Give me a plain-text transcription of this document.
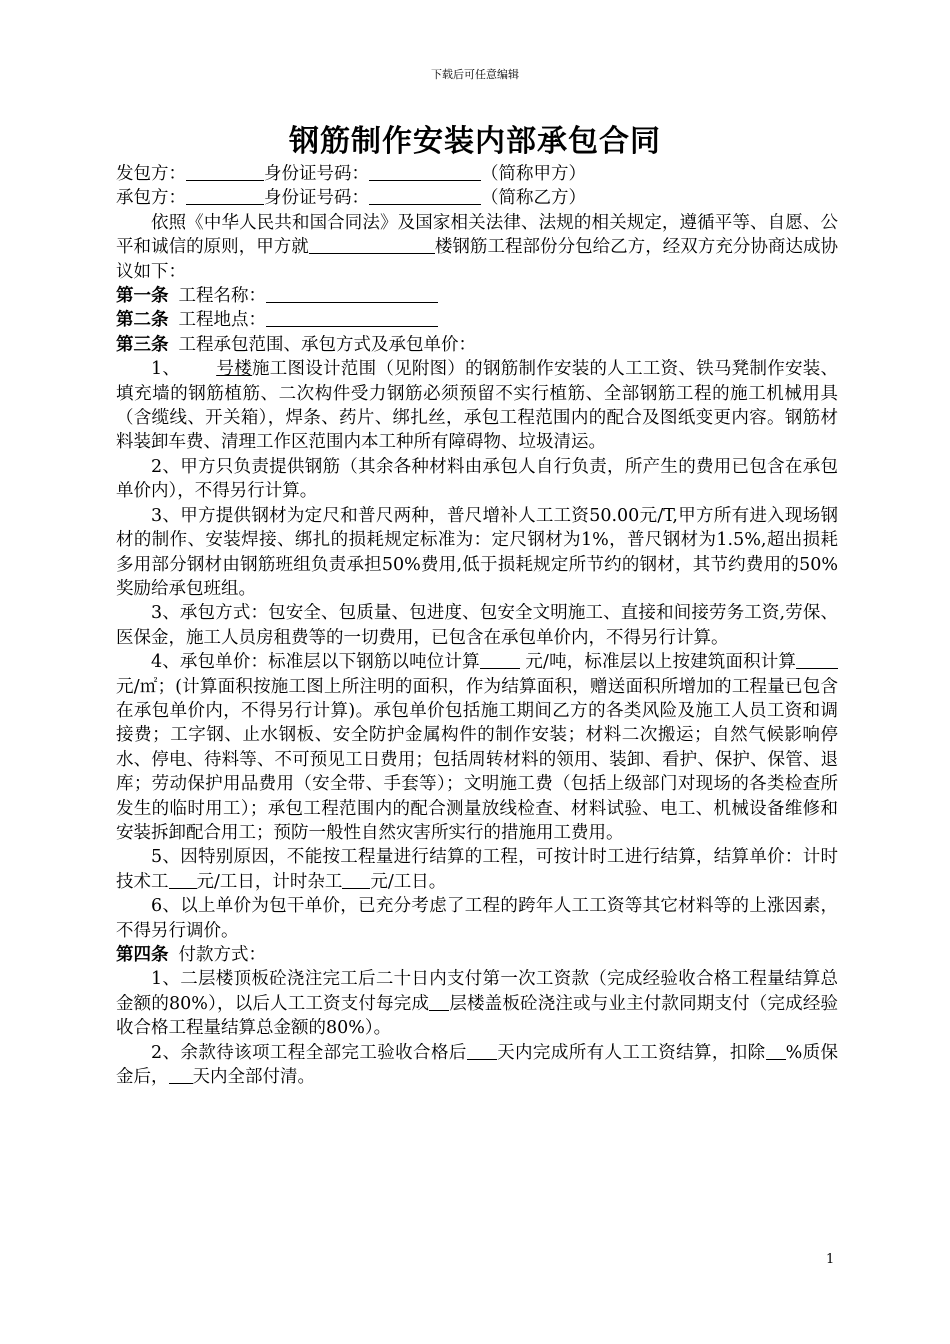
下载后可任意编辑
钢筋制作安装内部承包合同

发包方：	身份证号码：	（简称甲方）

承包方：	身份证号码：	（简称乙方）

依照《中华人民共和国合同法》及国家相关法律、法规的相关规定，遵循平等、自愿、公平和诚信的原则，甲方就	楼钢筋工程部份分包给乙方，经双方充分协商达成协议如下：

第一条 工程名称：

第二条 工程地点：

第三条 工程承包范围、承包方式及承包单价：

1、 号楼施工图设计范围（见附图）的钢筋制作安装的人工工资、铁马凳制作安装、填充墙的钢筋植筋、二次构件受力钢筋必须预留不实行植筋、全部钢筋工程的施工机械用具（含缆线、开关箱），焊条、药片、绑扎丝，承包工程范围内的配合及图纸变更内容。钢筋材料装卸车费、清理工作区范围内本工种所有障碍物、垃圾清运。

2、甲方只负责提供钢筋（其余各种材料由承包人自行负责，所产生的费用已包含在承包单价内），不得另行计算。

3、甲方提供钢材为定尺和普尺两种，普尺增补人工工资50.00元/T,甲方所有进入现场钢材的制作、安装焊接、绑扎的损耗规定标准为：定尺钢材为1%，普尺钢材为1.5%,超出损耗多用部分钢材由钢筋班组负责承担50%费用,低于损耗规定所节约的钢材，其节约费用的50%奖励给承包班组。

3、承包方式：包安全、包质量、包进度、包安全文明施工、直接和间接劳务工资,劳保、医保金，施工人员房租费等的一切费用，已包含在承包单价内，不得另行计算。

4、承包单价：标准层以下钢筋以吨位计算 元/吨，标准层以上按建筑面积计算 元/㎡；(计算面积按施工图上所注明的面积，作为结算面积，赠送面积所增加的工程量已包含在承包单价内，不得另行计算)。承包单价包括施工期间乙方的各类风险及施工人员工资和调接费；工字钢、止水钢板、安全防护金属构件的制作安装；材料二次搬运；自然气候影响停水、停电、待料等、不可预见工日费用；包括周转材料的领用、装卸、看护、保护、保管、退库；劳动保护用品费用（安全带、手套等）；文明施工费（包括上级部门对现场的各类检查所发生的临时用工）；承包工程范围内的配合测量放线检查、材料试验、电工、机械设备维修和安装拆卸配合用工；预防一般性自然灾害所实行的措施用工费用。

5、因特别原因，不能按工程量进行结算的工程，可按计时工进行结算，结算单价：计时技术工 元/工日，计时杂工 元/工日。

6、以上单价为包干单价，已充分考虑了工程的跨年人工工资等其它材料等的上涨因素，不得另行调价。

第四条 付款方式：

1、二层楼顶板砼浇注完工后二十日内支付第一次工资款（完成经验收合格工程量结算总金额的80%），以后人工工资支付每完成 层楼盖板砼浇注或与业主付款同期支付（完成经验收合格工程量结算总金额的80%）。

2、余款待该项工程全部完工验收合格后 天内完成所有人工工资结算，扣除 %质保金后， 天内全部付清。

1
